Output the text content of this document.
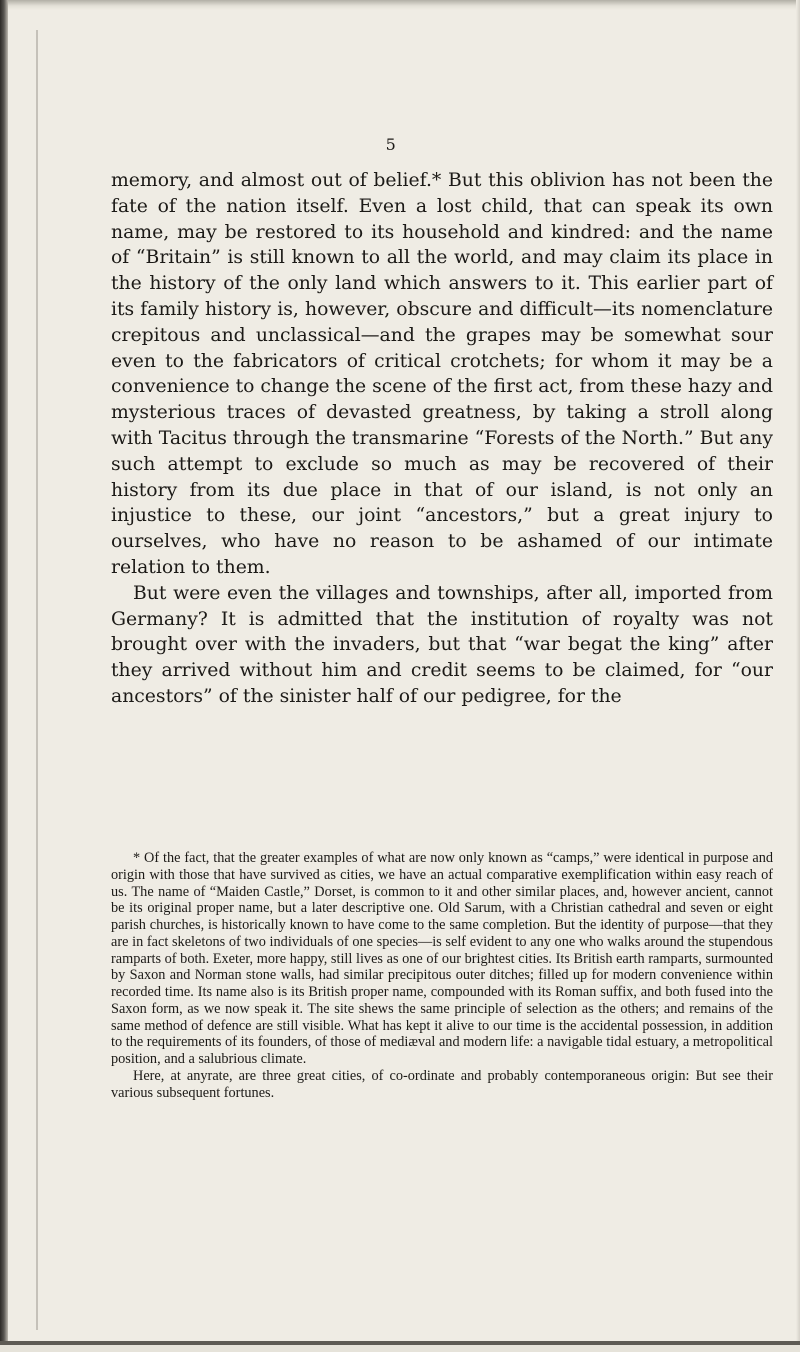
5

memory, and almost out of belief.* But this oblivion has not been the fate of the nation itself. Even a lost child, that can speak its own name, may be restored to its household and kindred: and the name of “Britain” is still known to all the world, and may claim its place in the history of the only land which answers to it. This earlier part of its family history is, however, obscure and difficult—its nomenclature crepitous and unclassical—and the grapes may be somewhat sour even to the fabricators of critical crotchets; for whom it may be a convenience to change the scene of the first act, from these hazy and mysterious traces of devasted greatness, by taking a stroll along with Tacitus through the transmarine “Forests of the North.” But any such attempt to exclude so much as may be recovered of their history from its due place in that of our island, is not only an injustice to these, our joint “ancestors,” but a great injury to ourselves, who have no reason to be ashamed of our intimate relation to them.

But were even the villages and townships, after all, imported from Germany? It is admitted that the institution of royalty was not brought over with the invaders, but that “war begat the king” after they arrived without him and credit seems to be claimed, for “our ancestors” of the sinister half of our pedigree, for the

* Of the fact, that the greater examples of what are now only known as “camps,” were identical in purpose and origin with those that have survived as cities, we have an actual comparative exemplification within easy reach of us. The name of “Maiden Castle,” Dorset, is common to it and other similar places, and, however ancient, cannot be its original proper name, but a later descriptive one. Old Sarum, with a Christian cathedral and seven or eight parish churches, is historically known to have come to the same completion. But the identity of purpose—that they are in fact skeletons of two individuals of one species—is self evident to any one who walks around the stupendous ramparts of both. Exeter, more happy, still lives as one of our brightest cities. Its British earth ramparts, surmounted by Saxon and Norman stone walls, had similar precipitous outer ditches; filled up for modern convenience within recorded time. Its name also is its British proper name, compounded with its Roman suffix, and both fused into the Saxon form, as we now speak it. The site shews the same principle of selection as the others; and remains of the same method of defence are still visible. What has kept it alive to our time is the accidental possession, in addition to the requirements of its founders, of those of mediæval and modern life: a navigable tidal estuary, a metropolitical position, and a salubrious climate.

Here, at anyrate, are three great cities, of co-ordinate and probably contemporaneous origin: But see their various subsequent fortunes.
